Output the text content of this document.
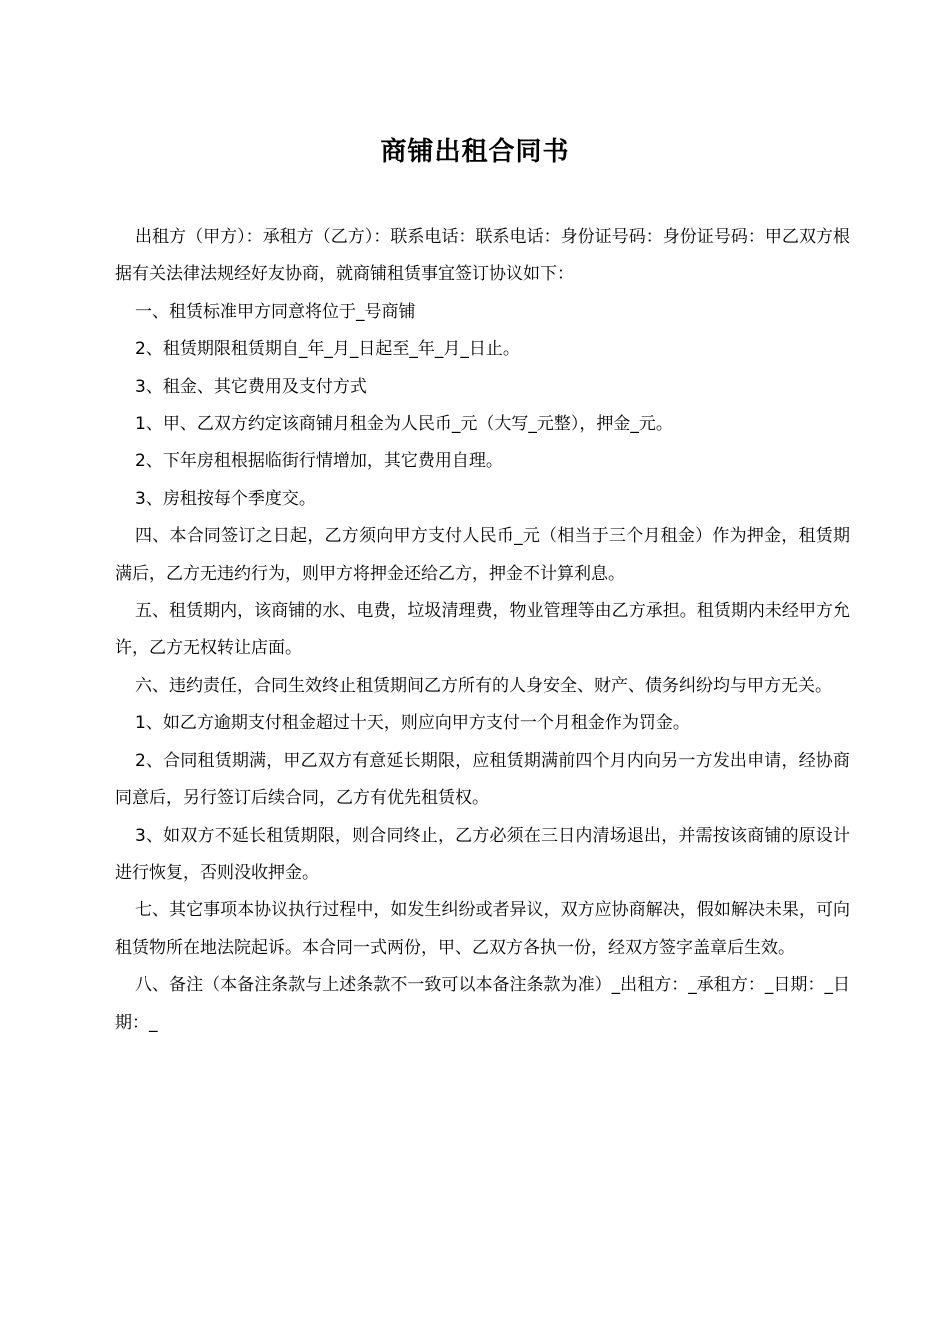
商铺出租合同书

出租方（甲方）：承租方（乙方）：联系电话：联系电话：身份证号码：身份证号码：甲乙双方根据有关法律法规经好友协商，就商铺租赁事宜签订协议如下：

一、租赁标准甲方同意将位于_号商铺

2、租赁期限租赁期自_年_月_日起至_年_月_日止。

3、租金、其它费用及支付方式

1、甲、乙双方约定该商铺月租金为人民币_元（大写_元整），押金_元。

2、下年房租根据临街行情增加，其它费用自理。

3、房租按每个季度交。

四、本合同签订之日起，乙方须向甲方支付人民币_元（相当于三个月租金）作为押金，租赁期满后，乙方无违约行为，则甲方将押金还给乙方，押金不计算利息。

五、租赁期内，该商铺的水、电费，垃圾清理费，物业管理等由乙方承担。租赁期内未经甲方允许，乙方无权转让店面。

六、违约责任，合同生效终止租赁期间乙方所有的人身安全、财产、债务纠纷均与甲方无关。

1、如乙方逾期支付租金超过十天，则应向甲方支付一个月租金作为罚金。

2、合同租赁期满，甲乙双方有意延长期限，应租赁期满前四个月内向另一方发出申请，经协商同意后，另行签订后续合同，乙方有优先租赁权。

3、如双方不延长租赁期限，则合同终止，乙方必须在三日内清场退出，并需按该商铺的原设计进行恢复，否则没收押金。

七、其它事项本协议执行过程中，如发生纠纷或者异议，双方应协商解决，假如解决未果，可向租赁物所在地法院起诉。本合同一式两份，甲、乙双方各执一份，经双方签字盖章后生效。

八、备注（本备注条款与上述条款不一致可以本备注条款为准）_出租方：_承租方：_日期：_日期：_
